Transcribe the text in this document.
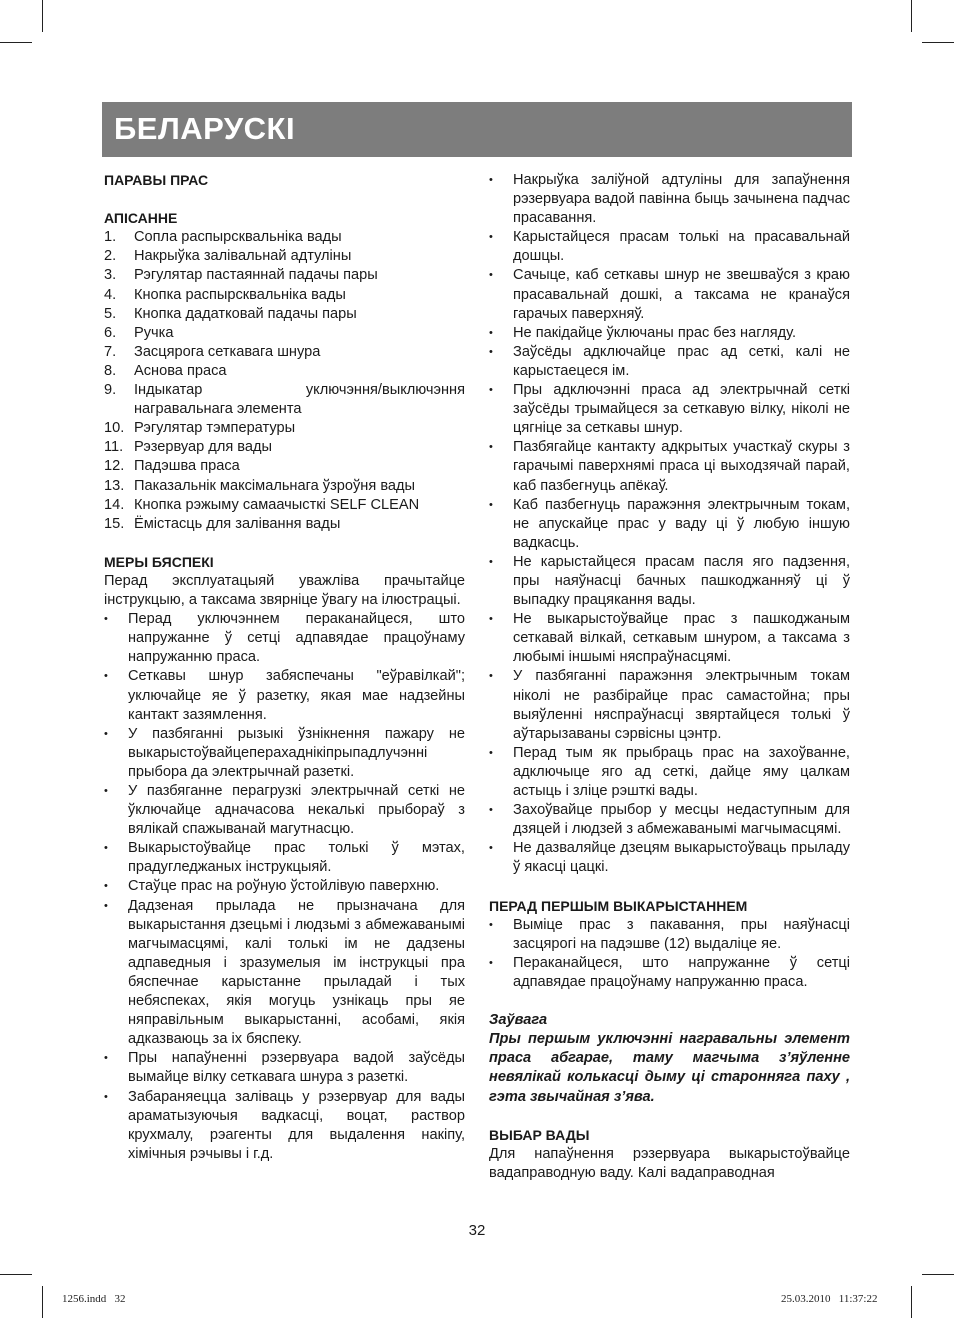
БЕЛАРУСКІ
ПАРАВЫ ПРАС
АПІСАННЕ
1.	Сопла распырсквальніка вады
2.	Накрыўка залівальнай адтуліны
3.	Рэгулятар пастаяннай падачы пары
4.	Кнопка распырсквальніка вады
5.	Кнопка дадатковай падачы пары
6.	Ручка
7.	Засцярога сеткавага шнура
8.	Аснова праса
9.	Індыкатар уключэння/выключэння награвальнага элемента
10. Рэгулятар тэмпературы
11. Рэзервуар для вады
12. Падэшва праса
13. Паказальнік максімальнага ўзроўня вады
14. Кнопка рэжыму самаачысткі SELF CLEAN
15. Ёмістасць для залівання вады
МЕРЫ БЯСПЕКІ
Перад эксплуатацыяй уважліва прачытайце інструкцыю, а таксама звярніце ўвагу на ілюстрацыі.
•	Перад уключэннем пераканайцеся, што напружанне ў сетці адпавядае працоўнаму напружанню праса.
•	Сеткавы шнур забяспечаны "еўравілкай"; уключайце яе ў разетку, якая мае надзейны кантакт зазямлення.
•	У пазбяганні рызыкі ўзнікнення пажару не выкарыстоўвайцеперахаднікіпрыпадлучэнні прыбора да электрычнай разеткі.
•	У пазбяганне перагрузкі электрычнай сеткі не ўключайце адначасова некалькі прыбораў з вялікай спажыванай магутнасцю.
•	Выкарыстоўвайце прас толькі ў мэтах, прадугледжаных інструкцыяй.
•	Стаўце прас на роўную ўстойлівую паверхню.
•	Дадзеная прылада не прызначана для выкарыстання дзецьмі і людзьмі з абмежаванымі магчымасцямі, калі толькі ім не дадзены адпаведныя і зразумелыя ім інструкцыі пра бяспечнае карыстанне прыладай і тых небяспеках, якія могуць узнікаць пры яе няправільным выкарыстанні, асобамі, якія адказваюць за іх бяспеку.
•	Пры напаўненні рэзервуара вадой заўсёды вымайце вілку сеткавага шнура з разеткі.
•	Забараняецца заліваць у рэзервуар для вады араматызуючыя вадкасці, воцат, раствор крухмалу, рэагенты для выдалення накіпу, хімічныя рэчывы і г.д.
•	Накрыўка заліўной адтуліны для запаўнення рэзервуара вадой павінна быць зачынена падчас прасавання.
•	Карыстайцеся прасам толькі на прасавальнай дошцы.
•	Сачыце, каб сеткавы шнур не звешваўся з краю прасавальнай дошкі, а таксама не кранаўся гарачых паверхняў.
•	Не пакідайце ўключаны прас без нагляду.
•	Заўсёды адключайце прас ад сеткі, калі не карыстаецеся ім.
•	Пры адключэнні праса ад электрычнай сеткі заўсёды трымайцеся за сеткавую вілку, ніколі не цягніце за сеткавы шнур.
•	Пазбягайце кантакту адкрытых участкаў скуры з гарачымі паверхнямі праса ці выходзячай парай, каб пазбегнуць апёкаў.
•	Каб пазбегнуць паражэння электрычным токам, не апускайце прас у ваду ці ў любую іншую вадкасць.
•	Не карыстайцеся прасам пасля яго падзення, пры наяўнасці бачных пашкоджанняў ці ў выпадку працякання вады.
•	Не выкарыстоўвайце прас з пашкоджаным сеткавай вілкай, сеткавым шнуром, а таксама з любымі іншымі няспраўнасцямі.
•	У пазбяганні паражэння электрычным токам ніколі не разбірайце прас самастойна; пры выяўленні няспраўнасці звяртайцеся толькі ў аўтарызаваны сэрвісны цэнтр.
•	Перад тым як прыбраць прас на захоўванне, адключыце яго ад сеткі, дайце яму цалкам астыць і зліце рэшткі вады.
•	Захоўвайце прыбор у месцы недаступным для дзяцей і людзей з абмежаванымі магчымасцямі.
•	Не дазваляйце дзецям выкарыстоўваць прыладу ў якасці цацкі.
ПЕРАД ПЕРШЫМ ВЫКАРЫСТАННЕМ
•	Выміце прас з пакавання, пры наяўнасці засцярогі на падэшве (12) выдаліце яе.
•	Пераканайцеся, што напружанне ў сетці адпавядае працоўнаму напружанню праса.
Заўвага
Пры першым уключэнні награвальны элемент праса абгарае, таму магчыма з’яўленне невялікай колькасці дыму ці староннягa паху , гэта звычайная з’ява.
ВЫБАР ВАДЫ
Для напаўнення рэзервуара выкарыстоўвайце вадаправодную ваду. Калі вадаправодная
32
1256.indd   32	25.03.2010   11:37:22
